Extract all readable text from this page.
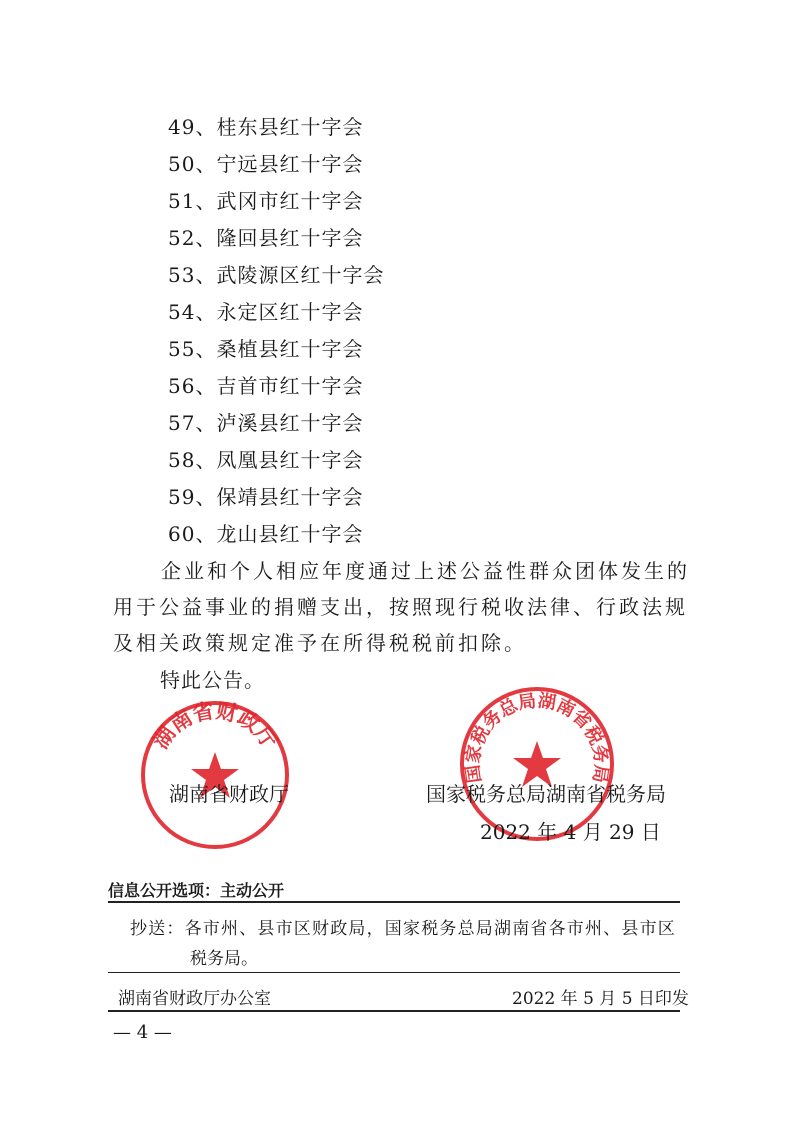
49、桂东县红十字会
50、宁远县红十字会
51、武冈市红十字会
52、隆回县红十字会
53、武陵源区红十字会
54、永定区红十字会
55、桑植县红十字会
56、吉首市红十字会
57、泸溪县红十字会
58、凤凰县红十字会
59、保靖县红十字会
60、龙山县红十字会

企业和个人相应年度通过上述公益性群众团体发生的用于公益事业的捐赠支出，按照现行税收法律、行政法规及相关政策规定准予在所得税税前扣除。

特此公告。
湖南省财政厅
国家税务总局湖南省税务局
湖南省财政厅	国家税务总局湖南省税务局
2022 年 4 月 29 日
信息公开选项：主动公开
抄送：各市州、县市区财政局，国家税务总局湖南省各市州、县市区
税务局。
湖南省财政厅办公室	2022 年 5 月 5 日印发
— 4 —
